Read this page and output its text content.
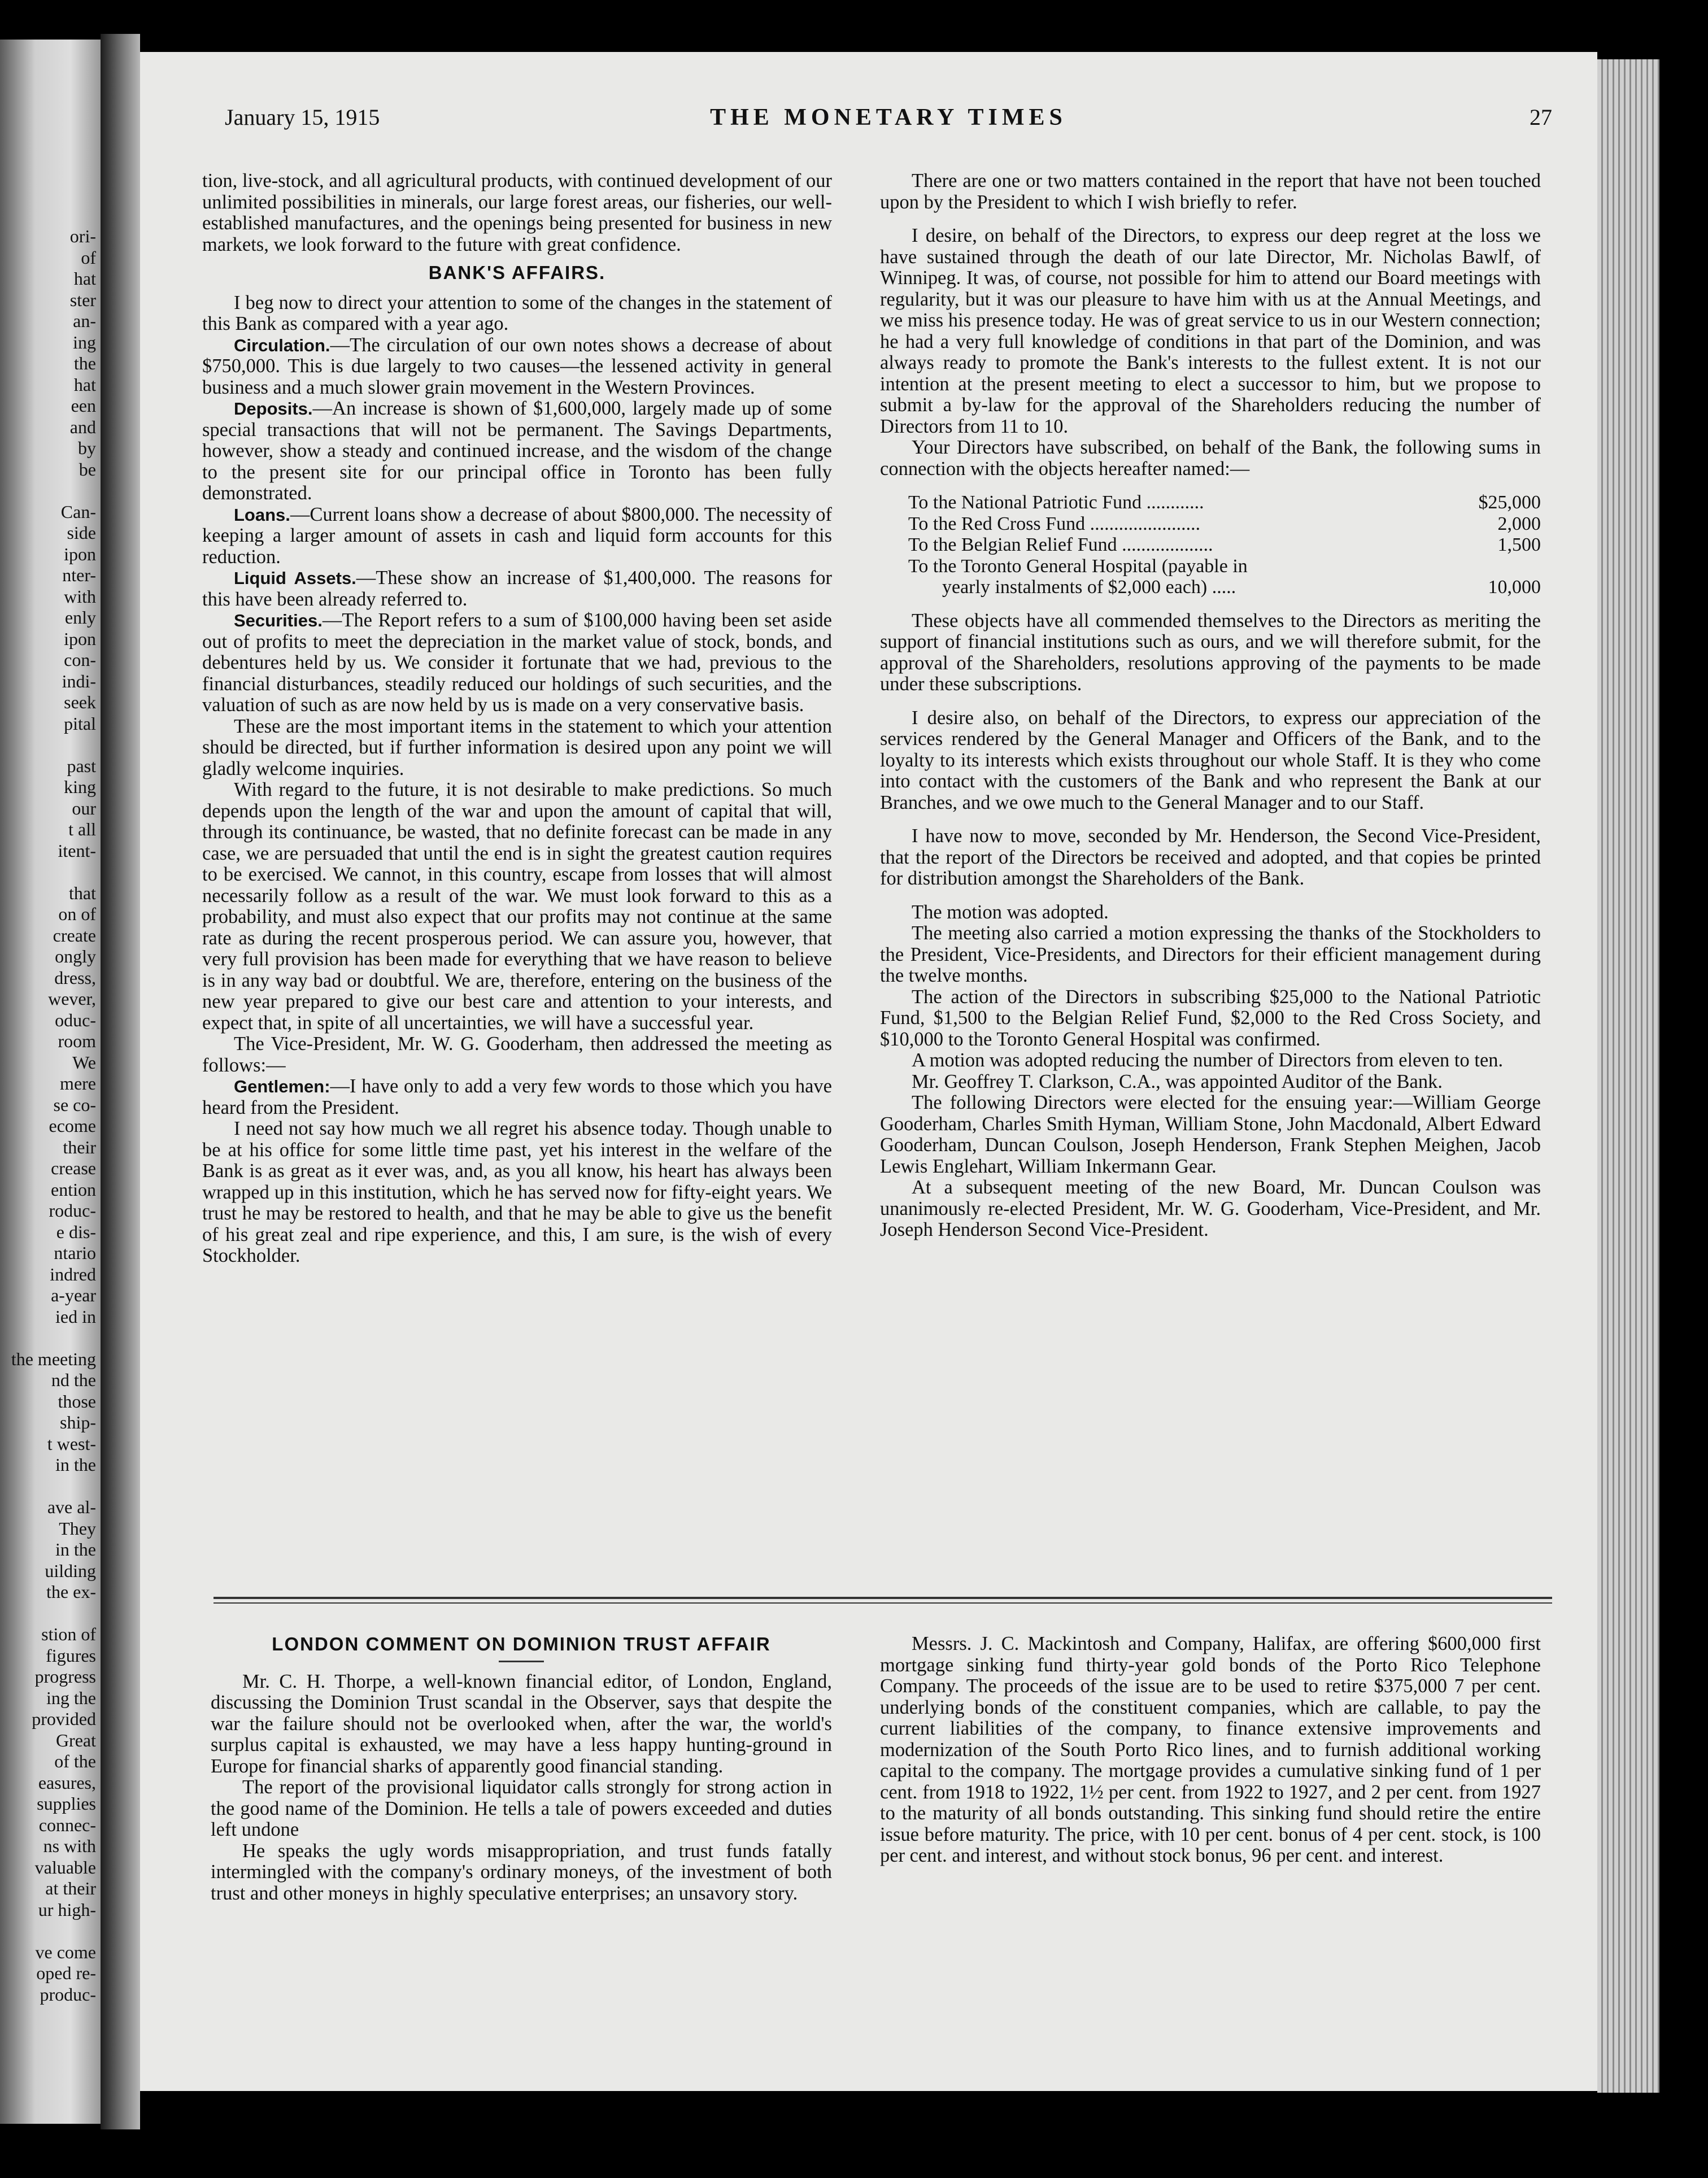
ori-
of
hat
ster
an-
ing
the
hat
een
and
by
be
Can-
side
ipon
nter-
with
enly
ipon
con-
indi-
seek
pital
past
king
our
t all
itent-
that
on of
create
ongly
dress,
wever,
oduc-
room
We
mere
se co-
ecome
their
crease
ention
roduc-
e dis-
ntario
indred
a-year
ied in
the meeting
nd the
those
ship-
t west-
in the
ave al-
They
in the
uilding
the ex-
stion of
figures
progress
ing the
provided
Great
of the
easures,
supplies
connec-
ns with
valuable
at their
ur high-
ve come
oped re-
produc-
January 15, 1915	THE MONETARY TIMES	27

tion, live-stock, and all agricultural products, with continued development of our unlimited possibilities in minerals, our large forest areas, our fisheries, our well-established manufactures, and the openings being presented for business in new markets, we look forward to the future with great confidence.

BANK'S AFFAIRS.

I beg now to direct your attention to some of the changes in the statement of this Bank as compared with a year ago.

Circulation.—The circulation of our own notes shows a decrease of about $750,000. This is due largely to two causes—the lessened activity in general business and a much slower grain movement in the Western Provinces.

Deposits.—An increase is shown of $1,600,000, largely made up of some special transactions that will not be permanent. The Savings Departments, however, show a steady and continued increase, and the wisdom of the change to the present site for our principal office in Toronto has been fully demonstrated.

Loans.—Current loans show a decrease of about $800,000. The necessity of keeping a larger amount of assets in cash and liquid form accounts for this reduction.

Liquid Assets.—These show an increase of $1,400,000. The reasons for this have been already referred to.

Securities.—The Report refers to a sum of $100,000 having been set aside out of profits to meet the depreciation in the market value of stock, bonds, and debentures held by us. We consider it fortunate that we had, previous to the financial disturbances, steadily reduced our holdings of such securities, and the valuation of such as are now held by us is made on a very conservative basis.

These are the most important items in the statement to which your attention should be directed, but if further information is desired upon any point we will gladly welcome inquiries.

With regard to the future, it is not desirable to make predictions. So much depends upon the length of the war and upon the amount of capital that will, through its continuance, be wasted, that no definite forecast can be made in any case, we are persuaded that until the end is in sight the greatest caution requires to be exercised. We cannot, in this country, escape from losses that will almost necessarily follow as a result of the war. We must look forward to this as a probability, and must also expect that our profits may not continue at the same rate as during the recent prosperous period. We can assure you, however, that very full provision has been made for everything that we have reason to believe is in any way bad or doubtful. We are, therefore, entering on the business of the new year prepared to give our best care and attention to your interests, and expect that, in spite of all uncertainties, we will have a successful year.

The Vice-President, Mr. W. G. Gooderham, then addressed the meeting as follows:—

Gentlemen:—I have only to add a very few words to those which you have heard from the President.

I need not say how much we all regret his absence today. Though unable to be at his office for some little time past, yet his interest in the welfare of the Bank is as great as it ever was, and, as you all know, his heart has always been wrapped up in this institution, which he has served now for fifty-eight years. We trust he may be restored to health, and that he may be able to give us the benefit of his great zeal and ripe experience, and this, I am sure, is the wish of every Stockholder.

There are one or two matters contained in the report that have not been touched upon by the President to which I wish briefly to refer.

I desire, on behalf of the Directors, to express our deep regret at the loss we have sustained through the death of our late Director, Mr. Nicholas Bawlf, of Winnipeg. It was, of course, not possible for him to attend our Board meetings with regularity, but it was our pleasure to have him with us at the Annual Meetings, and we miss his presence today. He was of great service to us in our Western connection; he had a very full knowledge of conditions in that part of the Dominion, and was always ready to promote the Bank's interests to the fullest extent. It is not our intention at the present meeting to elect a successor to him, but we propose to submit a by-law for the approval of the Shareholders reducing the number of Directors from 11 to 10.

Your Directors have subscribed, on behalf of the Bank, the following sums in connection with the objects hereafter named:—

To the National Patriotic Fund ............	$25,000
To the Red Cross Fund .......................	2,000
To the Belgian Relief Fund ...................	1,500
To the Toronto General Hospital (payable in
yearly instalments of $2,000 each) .....	10,000

These objects have all commended themselves to the Directors as meriting the support of financial institutions such as ours, and we will therefore submit, for the approval of the Shareholders, resolutions approving of the payments to be made under these subscriptions.

I desire also, on behalf of the Directors, to express our appreciation of the services rendered by the General Manager and Officers of the Bank, and to the loyalty to its interests which exists throughout our whole Staff. It is they who come into contact with the customers of the Bank and who represent the Bank at our Branches, and we owe much to the General Manager and to our Staff.

I have now to move, seconded by Mr. Henderson, the Second Vice-President, that the report of the Directors be received and adopted, and that copies be printed for distribution amongst the Shareholders of the Bank.

The motion was adopted.

The meeting also carried a motion expressing the thanks of the Stockholders to the President, Vice-Presidents, and Directors for their efficient management during the twelve months.

The action of the Directors in subscribing $25,000 to the National Patriotic Fund, $1,500 to the Belgian Relief Fund, $2,000 to the Red Cross Society, and $10,000 to the Toronto General Hospital was confirmed.

A motion was adopted reducing the number of Directors from eleven to ten.

Mr. Geoffrey T. Clarkson, C.A., was appointed Auditor of the Bank.

The following Directors were elected for the ensuing year:—William George Gooderham, Charles Smith Hyman, William Stone, John Macdonald, Albert Edward Gooderham, Duncan Coulson, Joseph Henderson, Frank Stephen Meighen, Jacob Lewis Englehart, William Inkermann Gear.

At a subsequent meeting of the new Board, Mr. Duncan Coulson was unanimously re-elected President, Mr. W. G. Gooderham, Vice-President, and Mr. Joseph Henderson Second Vice-President.

LONDON COMMENT ON DOMINION TRUST AFFAIR

Mr. C. H. Thorpe, a well-known financial editor, of London, England, discussing the Dominion Trust scandal in the Observer, says that despite the war the failure should not be overlooked when, after the war, the world's surplus capital is exhausted, we may have a less happy hunting-ground in Europe for financial sharks of apparently good financial standing.

The report of the provisional liquidator calls strongly for strong action in the good name of the Dominion. He tells a tale of powers exceeded and duties left undone

He speaks the ugly words misappropriation, and trust funds fatally intermingled with the company's ordinary moneys, of the investment of both trust and other moneys in highly speculative enterprises; an unsavory story.

Messrs. J. C. Mackintosh and Company, Halifax, are offering $600,000 first mortgage sinking fund thirty-year gold bonds of the Porto Rico Telephone Company. The proceeds of the issue are to be used to retire $375,000 7 per cent. underlying bonds of the constituent companies, which are callable, to pay the current liabilities of the company, to finance extensive improvements and modernization of the South Porto Rico lines, and to furnish additional working capital to the company. The mortgage provides a cumulative sinking fund of 1 per cent. from 1918 to 1922, 1½ per cent. from 1922 to 1927, and 2 per cent. from 1927 to the maturity of all bonds outstanding. This sinking fund should retire the entire issue before maturity. The price, with 10 per cent. bonus of 4 per cent. stock, is 100 per cent. and interest, and without stock bonus, 96 per cent. and interest.
